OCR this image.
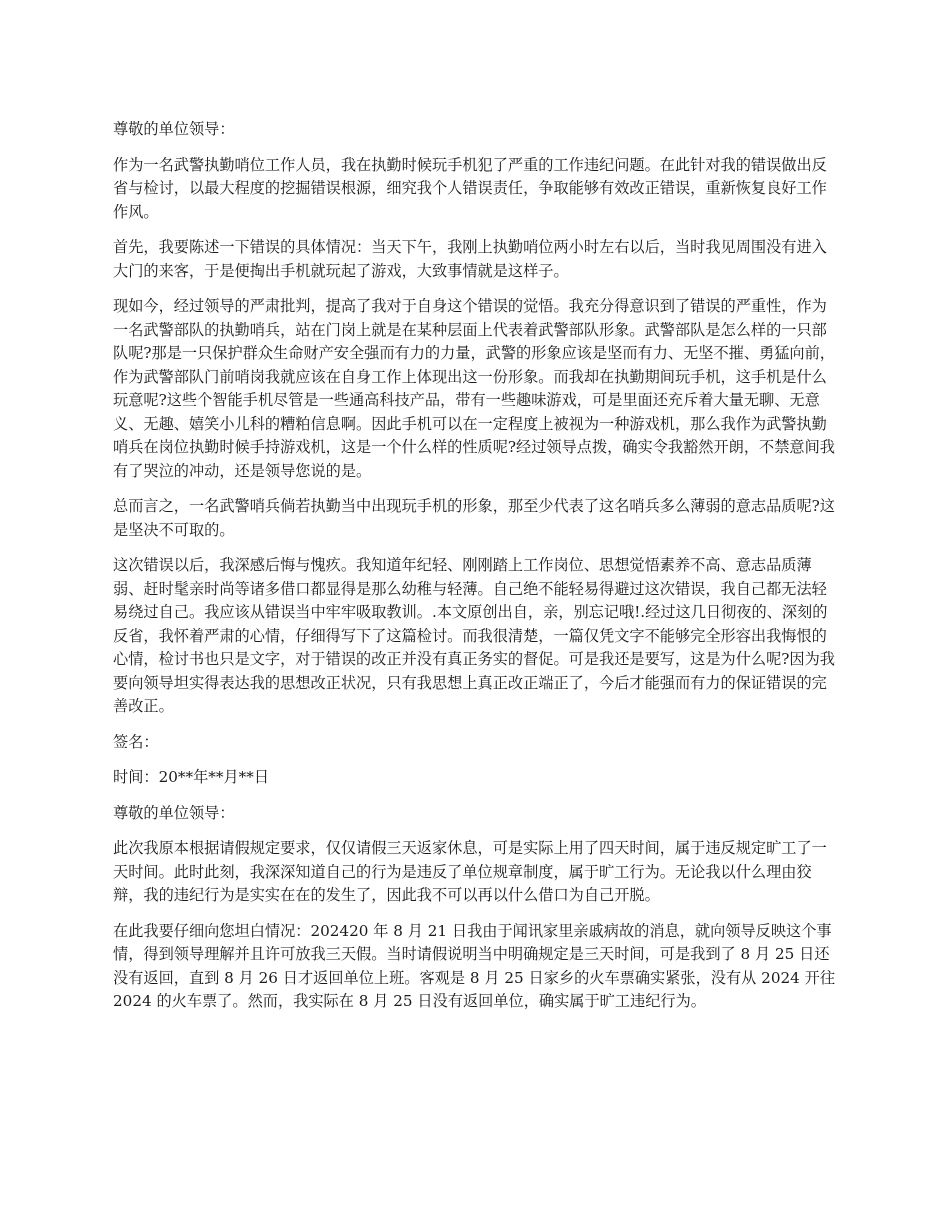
尊敬的单位领导：

作为一名武警执勤哨位工作人员，我在执勤时候玩手机犯了严重的工作违纪问题。在此针对我的错误做出反省与检讨，以最大程度的挖掘错误根源，细究我个人错误责任，争取能够有效改正错误，重新恢复良好工作作风。

首先，我要陈述一下错误的具体情况：当天下午，我刚上执勤哨位两小时左右以后，当时我见周围没有进入大门的来客，于是便掏出手机就玩起了游戏，大致事情就是这样子。

现如今，经过领导的严肃批判，提高了我对于自身这个错误的觉悟。我充分得意识到了错误的严重性，作为一名武警部队的执勤哨兵，站在门岗上就是在某种层面上代表着武警部队形象。武警部队是怎么样的一只部队呢?那是一只保护群众生命财产安全强而有力的力量，武警的形象应该是坚而有力、无坚不摧、勇猛向前，作为武警部队门前哨岗我就应该在自身工作上体现出这一份形象。而我却在执勤期间玩手机，这手机是什么玩意呢?这些个智能手机尽管是一些通高科技产品，带有一些趣味游戏，可是里面还充斥着大量无聊、无意义、无趣、嬉笑小儿科的糟粕信息啊。因此手机可以在一定程度上被视为一种游戏机，那么我作为武警执勤哨兵在岗位执勤时候手持游戏机，这是一个什么样的性质呢?经过领导点拨，确实令我豁然开朗，不禁意间我有了哭泣的冲动，还是领导您说的是。

总而言之，一名武警哨兵倘若执勤当中出现玩手机的形象，那至少代表了这名哨兵多么薄弱的意志品质呢?这是坚决不可取的。

这次错误以后，我深感后悔与愧疚。我知道年纪轻、刚刚踏上工作岗位、思想觉悟素养不高、意志品质薄弱、赶时髦亲时尚等诸多借口都显得是那么幼稚与轻薄。自己绝不能轻易得避过这次错误，我自己都无法轻易绕过自己。我应该从错误当中牢牢吸取教训。.本文原创出自，亲，别忘记哦!.经过这几日彻夜的、深刻的反省，我怀着严肃的心情，仔细得写下了这篇检讨。而我很清楚，一篇仅凭文字不能够完全形容出我悔恨的心情，检讨书也只是文字，对于错误的改正并没有真正务实的督促。可是我还是要写，这是为什么呢?因为我要向领导坦实得表达我的思想改正状况，只有我思想上真正改正端正了，今后才能强而有力的保证错误的完善改正。

签名：

时间：20**年**月**日

尊敬的单位领导：

此次我原本根据请假规定要求，仅仅请假三天返家休息，可是实际上用了四天时间，属于违反规定旷工了一天时间。此时此刻，我深深知道自己的行为是违反了单位规章制度，属于旷工行为。无论我以什么理由狡辩，我的违纪行为是实实在在的发生了，因此我不可以再以什么借口为自己开脱。

在此我要仔细向您坦白情况：202420 年 8 月 21 日我由于闻讯家里亲戚病故的消息，就向领导反映这个事情，得到领导理解并且许可放我三天假。当时请假说明当中明确规定是三天时间，可是我到了 8 月 25 日还没有返回，直到 8 月 26 日才返回单位上班。客观是 8 月 25 日家乡的火车票确实紧张，没有从 2024 开往 2024 的火车票了。然而，我实际在 8 月 25 日没有返回单位，确实属于旷工违纪行为。
